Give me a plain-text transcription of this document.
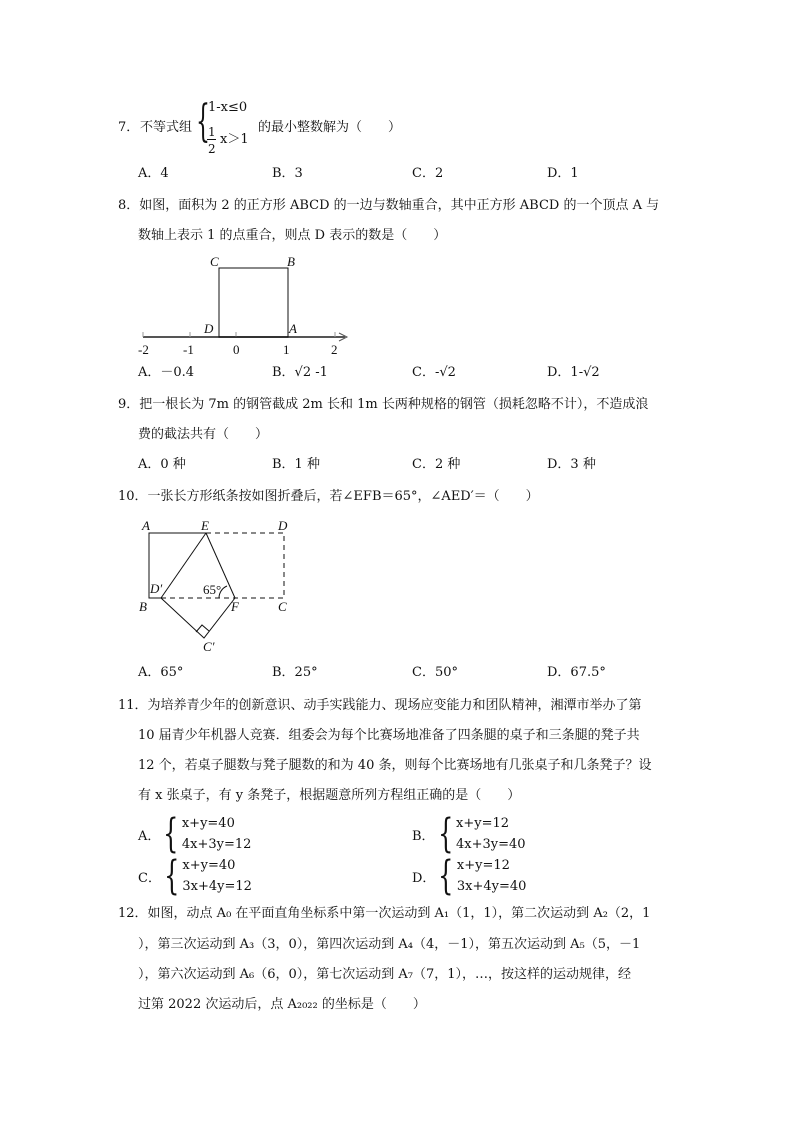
7． 不等式组 {
1-x≤0
1
2
x＞1
的最小整数解为（　　）
A．4	B．3	C．2	D．1
8．如图，面积为 2 的正方形 ABCD 的一边与数轴重合，其中正方形 ABCD 的一个顶点 A 与
数轴上表示 1 的点重合，则点 D 表示的数是（　　）
C	B
D	A
-2	-1	0	1	2
A．－0.4	B．√2 -1	C．-√2	D．1-√2
9．把一根长为 7m 的钢管截成 2m 长和 1m 长两种规格的钢管（损耗忽略不计），不造成浪
费的截法共有（　　）
A．0 种	B．1 种	C．2 种	D．3 种
10．一张长方形纸条按如图折叠后，若∠EFB＝65°，∠AED′＝（　　）
A	E	D
D′	65°
B	F	C
C′
A．65°	B．25°	C．50°	D．67.5°
11．为培养青少年的创新意识、动手实践能力、现场应变能力和团队精神，湘潭市举办了第
10 届青少年机器人竞赛．组委会为每个比赛场地准备了四条腿的桌子和三条腿的凳子共
12 个，若桌子腿数与凳子腿数的和为 40 条，则每个比赛场地有几张桌子和几条凳子？设
有 x 张桌子，有 y 条凳子，根据题意所列方程组正确的是（　　）
A． { x+y=40
4x+3y=12
B． { x+y=12
4x+3y=40
C． { x+y=40
3x+4y=12
D． { x+y=12
3x+4y=40
12．如图，动点 A₀ 在平面直角坐标系中第一次运动到 A₁（1，1），第二次运动到 A₂（2，1
），第三次运动到 A₃（3，0），第四次运动到 A₄（4，－1），第五次运动到 A₅（5，－1
），第六次运动到 A₆（6，0），第七次运动到 A₇（7，1），…，按这样的运动规律，经
过第 2022 次运动后，点 A₂₀₂₂ 的坐标是（　　）
